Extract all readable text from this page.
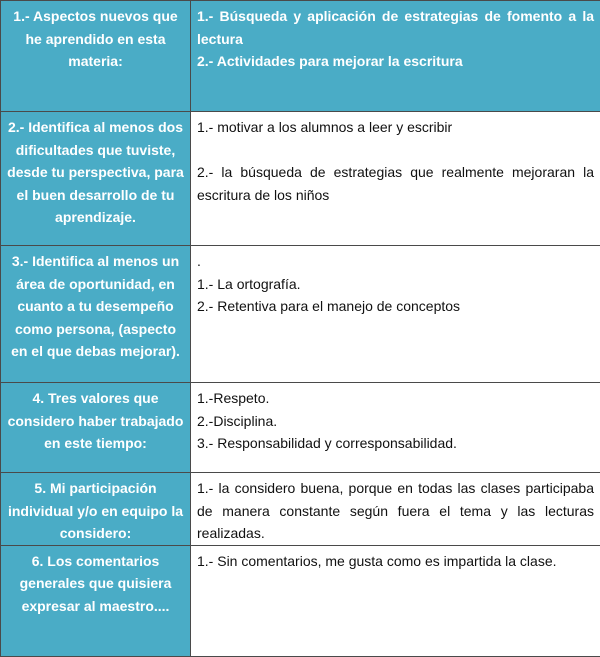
1.- Aspectos nuevos que he aprendido en esta materia:	1.- Búsqueda y aplicación de estrategias de fomento a la lectura

2.- Actividades para mejorar la escritura

2.- Identifica al menos dos dificultades que tuviste, desde tu perspectiva, para el buen desarrollo de tu aprendizaje.	1.- motivar a los alumnos a leer y escribir

2.- la búsqueda de estrategias que realmente mejoraran la escritura de los niños

3.- Identifica al menos un área de oportunidad, en cuanto a tu desempeño como persona, (aspecto en el que debas mejorar).	.

1.- La ortografía.

2.- Retentiva para el manejo de conceptos

4. Tres valores que considero haber trabajado en este tiempo:	1.-Respeto.

2.-Disciplina.

3.- Responsabilidad y corresponsabilidad.

5. Mi participación individual y/o en equipo la considero:	1.- la considero buena, porque en todas las clases participaba de manera constante según fuera el tema y las lecturas realizadas.

6. Los comentarios generales que quisiera expresar al maestro....	1.- Sin comentarios, me gusta como es impartida la clase.
